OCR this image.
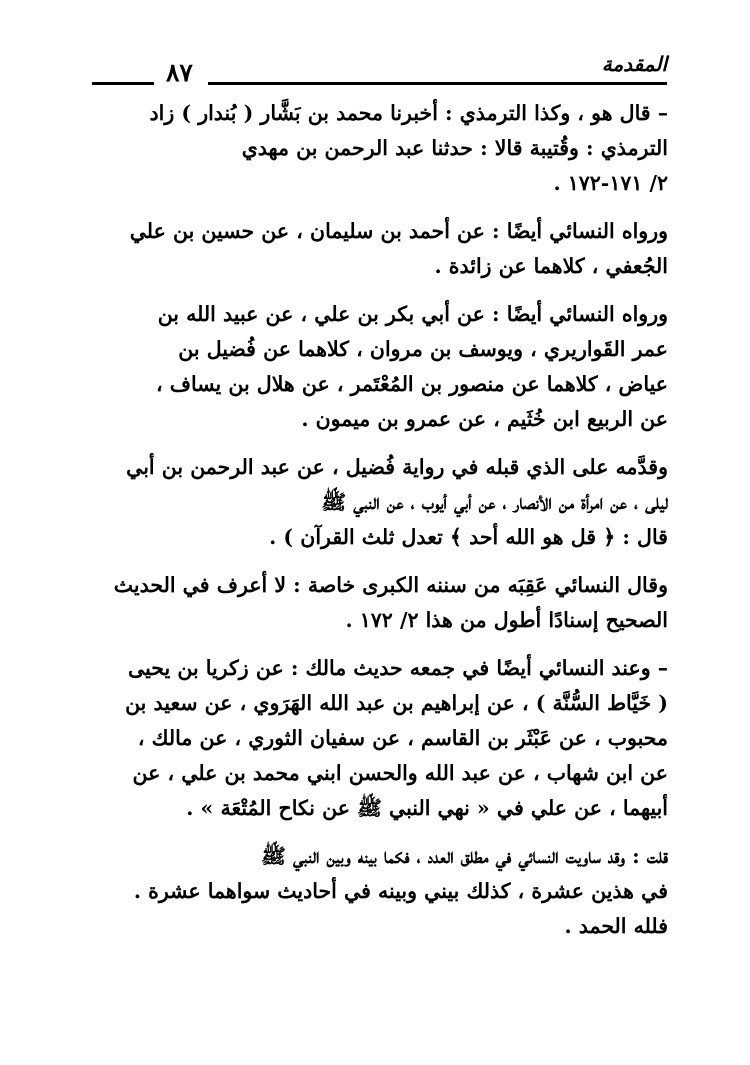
المقدمة
٨٧
– قال هو ، وكذا الترمذي : أخبرنا محمد بن بَشَّار ( بُندار ) زاد
الترمذي : وقُتيبة قالا : حدثنا عبد الرحمن بن مهدي
٢/ ١٧١-١٧٢ .
ورواه النسائي أيضًا : عن أحمد بن سليمان ، عن حسين بن علي
الجُعفي ، كلاهما عن زائدة .
ورواه النسائي أيضًا : عن أبي بكر بن علي ، عن عبيد الله بن
عمر القَواريري ، ويوسف بن مروان ، كلاهما عن فُضيل بن
عياض ، كلاهما عن منصور بن المُعْتَمر ، عن هلال بن يساف ،
عن الربيع ابن خُثَيم ، عن عمرو بن ميمون .
وقدَّمه على الذي قبله في رواية فُضيل ، عن عبد الرحمن بن أبي
ليلى ، عن امرأة من الأنصار ، عن أبي أيوب ، عن النبي ﷺ
قال : ﴿ قل هو الله أحد ﴾ تعدل ثلث القرآن ) .
وقال النسائي عَقِبَه من سننه الكبرى خاصة : لا أعرف في الحديث
الصحيح إسنادًا أطول من هذا ٢/ ١٧٢ .
– وعند النسائي أيضًا في جمعه حديث مالك : عن زكريا بن يحيى
( خَيَّاط السُّنَّة ) ، عن إبراهيم بن عبد الله الهَرَوي ، عن سعيد بن
محبوب ، عن عَبْثَر بن القاسم ، عن سفيان الثوري ، عن مالك ،
عن ابن شهاب ، عن عبد الله والحسن ابني محمد بن علي ، عن
أبيهما ، عن علي في « نهي النبي ﷺ عن نكاح المُتْعَة » .
قلت : وقد ساويت النسائي في مطلق العدد ، فكما بينه وبين النبي ﷺ
في هذين عشرة ، كذلك بيني وبينه في أحاديث سواهما عشرة .
فلله الحمد .
